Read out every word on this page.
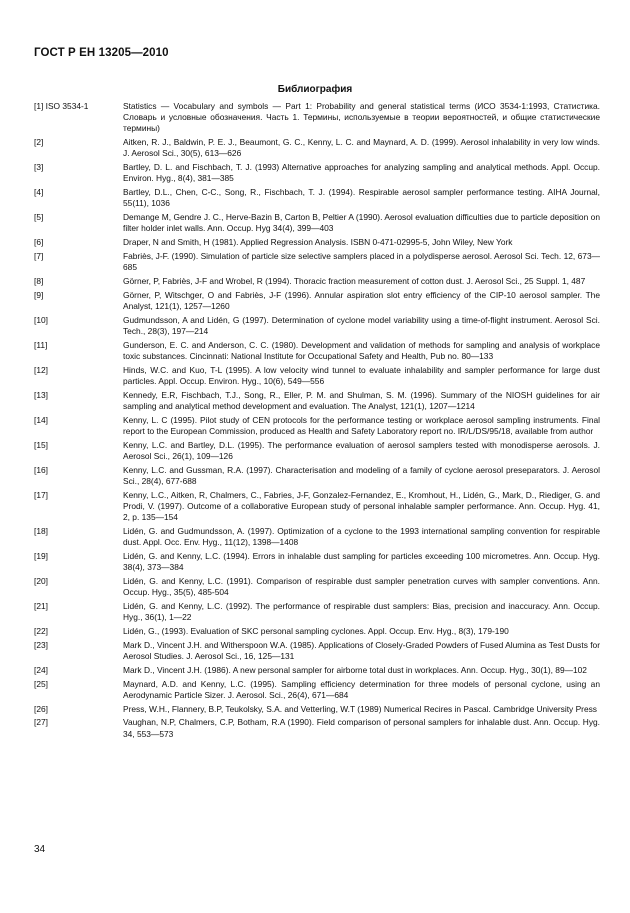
ГОСТ Р ЕН 13205—2010
Библиография
[1] ISO 3534-1	Statistics — Vocabulary and symbols — Part 1: Probability and general statistical terms (ИСО 3534-1:1993, Статистика. Словарь и условные обозначения. Часть 1. Термины, используемые в теории вероятностей, и общие статистические термины)
[2]	Aitken, R. J., Baldwin, P. E. J., Beaumont, G. C., Kenny, L. C. and Maynard, A. D. (1999). Aerosol inhalability in very low winds. J. Aerosol Sci., 30(5), 613—626
[3]	Bartley, D. L. and Fischbach, T. J. (1993) Alternative approaches for analyzing sampling and analytical methods. Appl. Occup. Environ. Hyg., 8(4), 381—385
[4]	Bartley, D.L., Chen, C-C., Song, R., Fischbach, T. J. (1994). Respirable aerosol sampler performance testing. AIHA Journal, 55(11), 1036
[5]	Demange M, Gendre J. C., Herve-Bazin B, Carton B, Peltier A (1990). Aerosol evaluation difficulties due to particle deposition on filter holder inlet walls. Ann. Occup. Hyg 34(4), 399—403
[6]	Draper, N and Smith, H (1981). Applied Regression Analysis. ISBN 0-471-02995-5, John Wiley, New York
[7]	Fabriès, J-F. (1990). Simulation of particle size selective samplers placed in a polydisperse aerosol. Aerosol Sci. Tech. 12, 673—685
[8]	Görner, P, Fabriès, J-F and Wrobel, R (1994). Thoracic fraction measurement of cotton dust. J. Aerosol Sci., 25 Suppl. 1, 487
[9]	Görner, P, Witschger, O and Fabriès, J-F (1996). Annular aspiration slot entry efficiency of the CIP-10 aerosol sampler. The Analyst, 121(1), 1257—1260
[10]	Gudmundsson, A and Lidén, G (1997). Determination of cyclone model variability using a time-of-flight instrument. Aerosol Sci. Tech., 28(3), 197—214
[11]	Gunderson, E. C. and Anderson, C. C. (1980). Development and validation of methods for sampling and analysis of workplace toxic substances. Cincinnati: National Institute for Occupational Safety and Health, Pub no. 80—133
[12]	Hinds, W.C. and Kuo, T-L (1995). A low velocity wind tunnel to evaluate inhalability and sampler performance for large dust particles. Appl. Occup. Environ. Hyg., 10(6), 549—556
[13]	Kennedy, E.R, Fischbach, T.J., Song, R., Eller, P. M. and Shulman, S. M. (1996). Summary of the NIOSH guidelines for air sampling and analytical method development and evaluation. The Analyst, 121(1), 1207—1214
[14]	Kenny, L. C (1995). Pilot study of CEN protocols for the performance testing or workplace aerosol sampling instruments. Final report to the European Commission, produced as Health and Safety Laboratory report no. IR/L/DS/95/18, available from author
[15]	Kenny, L.C. and Bartley, D.L. (1995). The performance evaluation of aerosol samplers tested with monodisperse aerosols. J. Aerosol Sci., 26(1), 109—126
[16]	Kenny, L.C. and Gussman, R.A. (1997). Characterisation and modeling of a family of cyclone aerosol preseparators. J. Aerosol Sci., 28(4), 677-688
[17]	Kenny, L.C., Aitken, R, Chalmers, C., Fabries, J-F, Gonzalez-Fernandez, E., Kromhout, H., Lidén, G., Mark, D., Riediger, G. and Prodi, V. (1997). Outcome of a collaborative European study of personal inhalable sampler performance. Ann. Occup. Hyg. 41, 2, p. 135—154
[18]	Lidén, G. and Gudmundsson, A. (1997). Optimization of a cyclone to the 1993 international sampling convention for respirable dust. Appl. Occ. Env. Hyg., 11(12), 1398—1408
[19]	Lidén, G. and Kenny, L.C. (1994). Errors in inhalable dust sampling for particles exceeding 100 micrometres. Ann. Occup. Hyg. 38(4), 373—384
[20]	Lidén, G. and Kenny, L.C. (1991). Comparison of respirable dust sampler penetration curves with sampler conventions. Ann. Occup. Hyg., 35(5), 485-504
[21]	Lidén, G. and Kenny, L.C. (1992). The performance of respirable dust samplers: Bias, precision and inaccuracy. Ann. Occup. Hyg., 36(1), 1—22
[22]	Lidén, G., (1993). Evaluation of SKC personal sampling cyclones. Appl. Occup. Env. Hyg., 8(3), 179-190
[23]	Mark D., Vincent J.H. and Witherspoon W.A. (1985). Applications of Closely-Graded Powders of Fused Alumina as Test Dusts for Aerosol Studies. J. Aerosol Sci., 16, 125—131
[24]	Mark D., Vincent J.H. (1986). A new personal sampler for airborne total dust in workplaces. Ann. Occup. Hyg., 30(1), 89—102
[25]	Maynard, A.D. and Kenny, L.C. (1995). Sampling efficiency determination for three models of personal cyclone, using an Aerodynamic Particle Sizer. J. Aerosol. Sci., 26(4), 671—684
[26]	Press, W.H., Flannery, B.P, Teukolsky, S.A. and Vetterling, W.T (1989) Numerical Recires in Pascal. Cambridge University Press
[27]	Vaughan, N.P, Chalmers, C.P, Botham, R.A (1990). Field comparison of personal samplers for inhalable dust. Ann. Occup. Hyg. 34, 553—573
34
